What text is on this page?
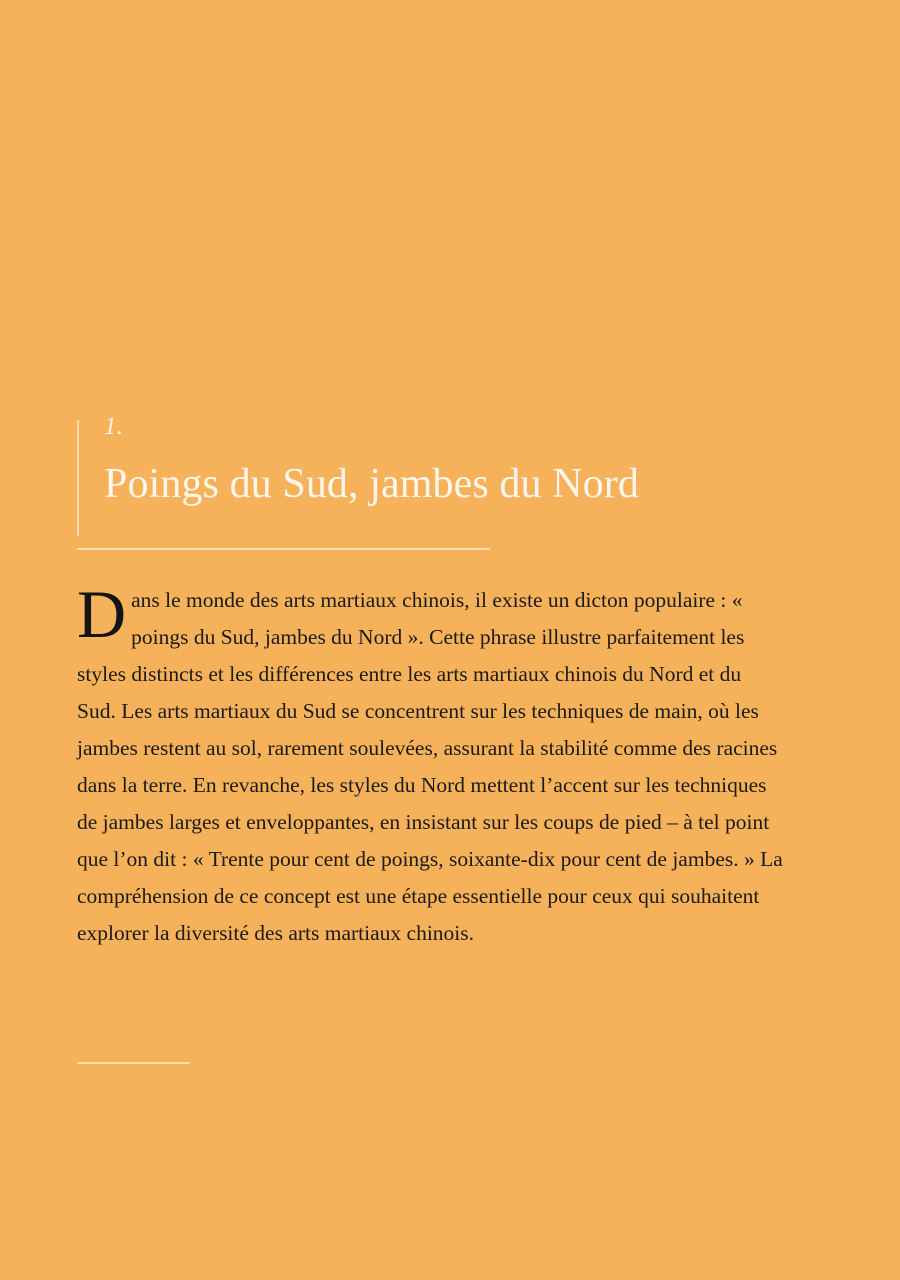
1.
Poings du Sud, jambes du Nord

Dans le monde des arts martiaux chinois, il existe un dicton populaire : « poings du Sud, jambes du Nord ». Cette phrase illustre parfaitement les styles distincts et les différences entre les arts martiaux chinois du Nord et du Sud. Les arts martiaux du Sud se concentrent sur les techniques de main, où les jambes restent au sol, rarement soulevées, assurant la stabilité comme des racines dans la terre. En revanche, les styles du Nord mettent l’accent sur les techniques de jambes larges et enveloppantes, en insistant sur les coups de pied – à tel point que l’on dit : « Trente pour cent de poings, soixante-dix pour cent de jambes. » La compréhension de ce concept est une étape essentielle pour ceux qui souhaitent explorer la diversité des arts martiaux chinois.
